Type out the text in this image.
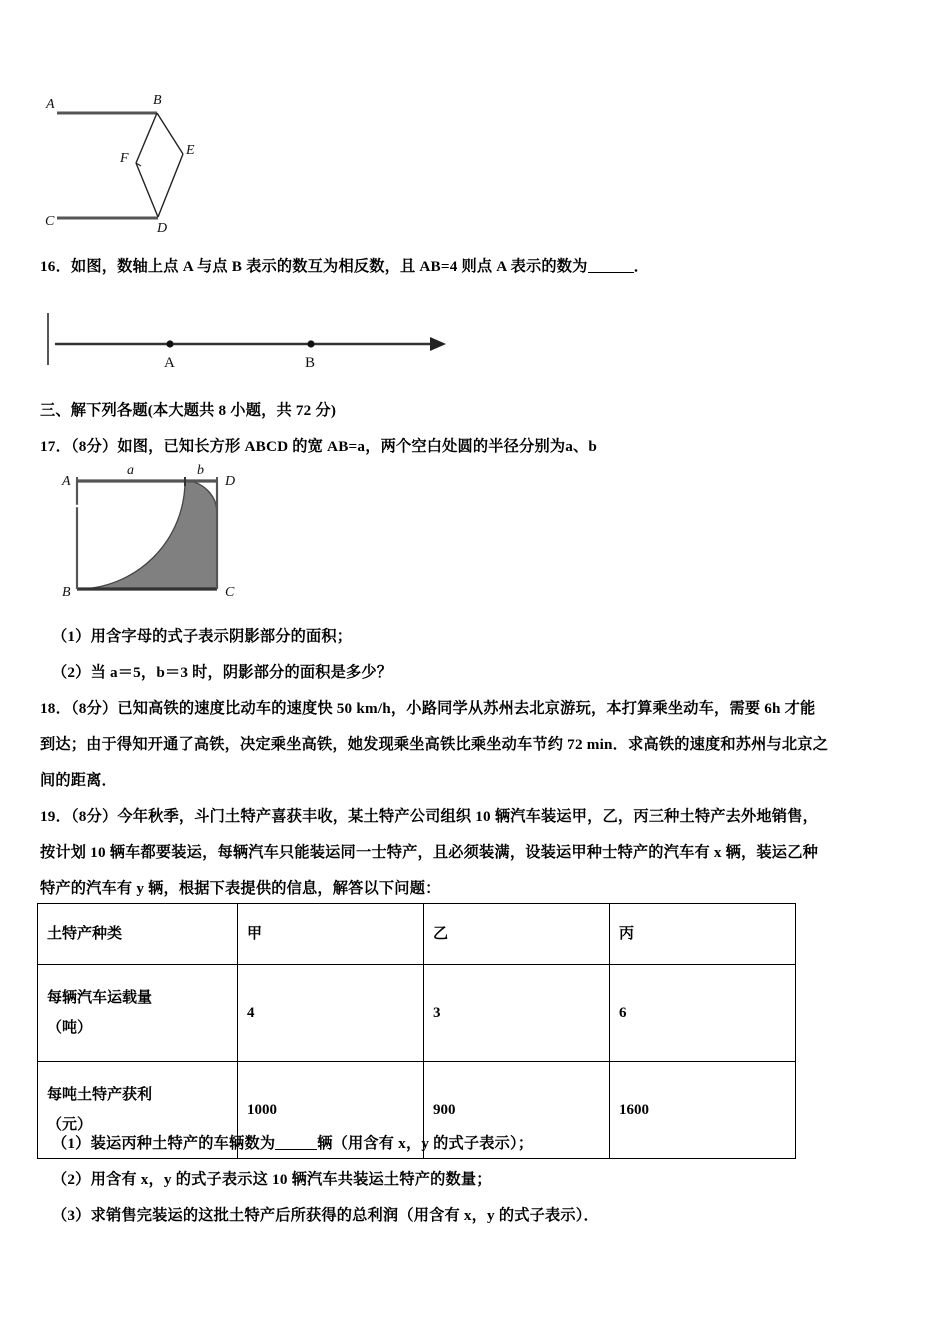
A	B
C	D
E
F
16．如图，数轴上点 A 与点 B 表示的数互为相反数，且 AB=4 则点 A 表示的数为	．
A	B
三、解下列各题(本大题共 8 小题，共 72 分)
17．（8分）如图，已知长方形 ABCD 的宽 AB=a，两个空白处圆的半径分别为a、b
a	b
A
B	C
D
（1）用含字母的式子表示阴影部分的面积；
（2）当 a＝5，b＝3 时，阴影部分的面积是多少？
18．（8分）已知高铁的速度比动车的速度快 50 km/h，小路同学从苏州去北京游玩，本打算乘坐动车，需要 6h 才能
到达；由于得知开通了高铁，决定乘坐高铁，她发现乘坐高铁比乘坐动车节约 72 min．求高铁的速度和苏州与北京之
间的距离．
19．（8分）今年秋季，斗门土特产喜获丰收，某土特产公司组织 10 辆汽车装运甲，乙，丙三种土特产去外地销售，
按计划 10 辆车都要装运，每辆汽车只能装运同一士特产，且必须装满，设装运甲种士特产的汽车有 x 辆，装运乙种
特产的汽车有 y 辆，根据下表提供的信息，解答以下问题：
土特产种类	甲	乙	丙

每辆汽车运载量
（吨）	4	3	6

每吨土特产获利
（元）	1000	900	1600
（1）装运丙种土特产的车辆数为	辆（用含有 x，y 的式子表示）；
（2）用含有 x，y 的式子表示这 10 辆汽车共装运土特产的数量；
（3）求销售完装运的这批土特产后所获得的总利润（用含有 x，y 的式子表示）．
